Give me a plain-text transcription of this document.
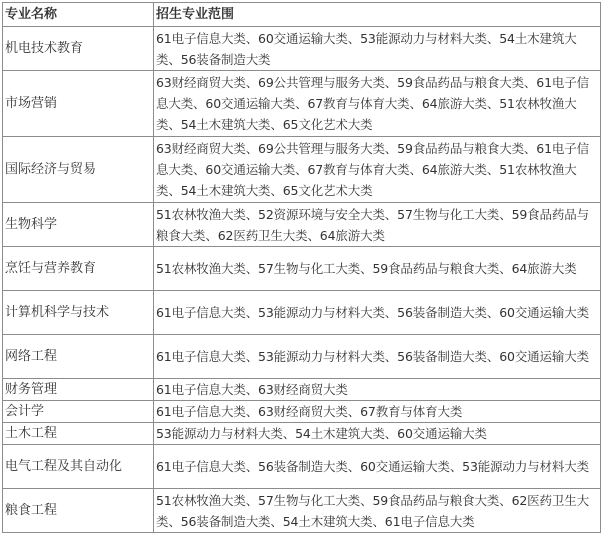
专业名称	招生专业范围
机电技术教育	61电子信息大类、60交通运输大类、53能源动力与材料大类、54土木建筑大类、56装备制造大类
市场营销	63财经商贸大类、69公共管理与服务大类、59食品药品与粮食大类、61电子信息大类、60交通运输大类、67教育与体育大类、64旅游大类、51农林牧渔大类、54土木建筑大类、65文化艺术大类
国际经济与贸易	63财经商贸大类、69公共管理与服务大类、59食品药品与粮食大类、61电子信息大类、60交通运输大类、67教育与体育大类、64旅游大类、51农林牧渔大类、54土木建筑大类、65文化艺术大类
生物科学	51农林牧渔大类、52资源环境与安全大类、57生物与化工大类、59食品药品与粮食大类、62医药卫生大类、64旅游大类
烹饪与营养教育	51农林牧渔大类、57生物与化工大类、59食品药品与粮食大类、64旅游大类
计算机科学与技术	61电子信息大类、53能源动力与材料大类、56装备制造大类、60交通运输大类
网络工程	61电子信息大类、53能源动力与材料大类、56装备制造大类、60交通运输大类
财务管理	61电子信息大类、63财经商贸大类
会计学	61电子信息大类、63财经商贸大类、67教育与体育大类
土木工程	53能源动力与材料大类、54土木建筑大类、60交通运输大类
电气工程及其自动化	61电子信息大类、56装备制造大类、60交通运输大类、53能源动力与材料大类
粮食工程	51农林牧渔大类、57生物与化工大类、59食品药品与粮食大类、62医药卫生大类、56装备制造大类、54土木建筑大类、61电子信息大类
